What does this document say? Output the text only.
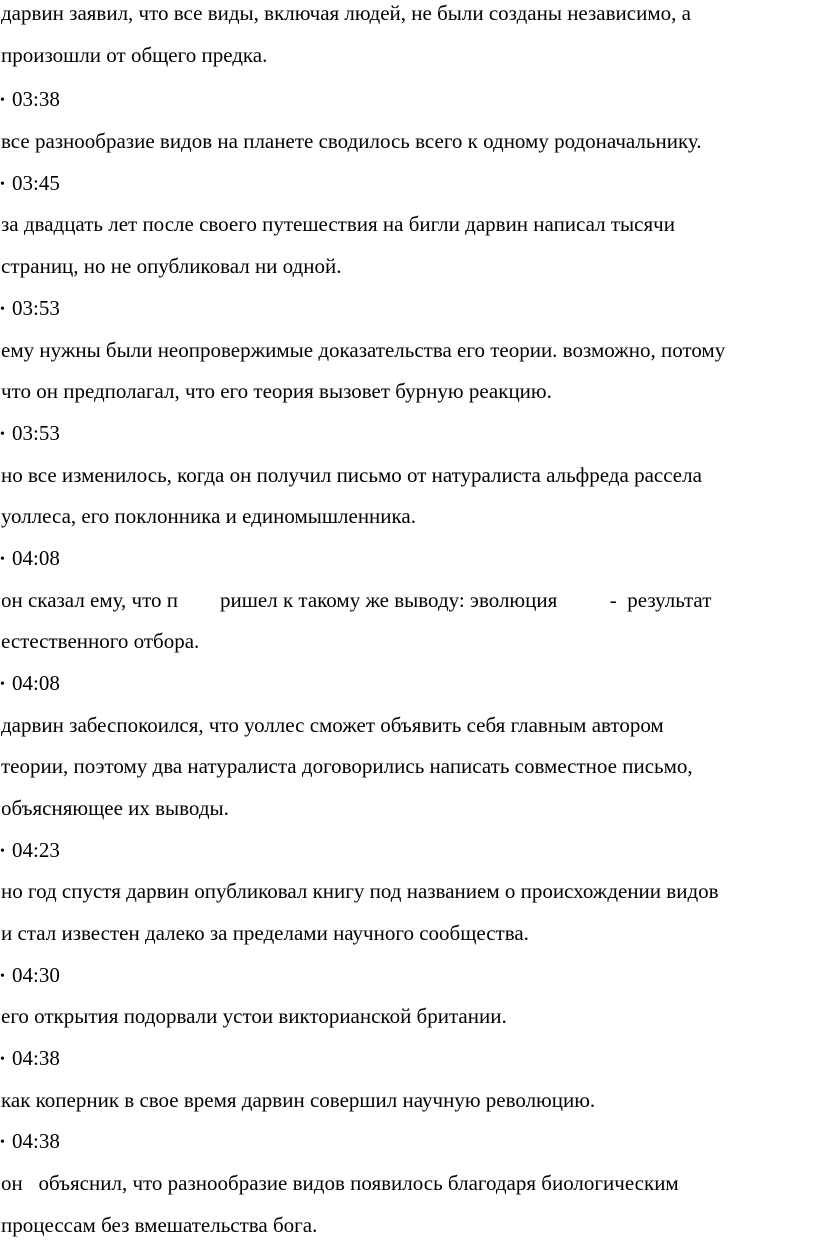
дарвин заявил, что все виды, включая людей, не были созданы независимо, а
произошли от общего предка.
• 03:38
все разнообразие видов на планете сводилось всего к одному родоначальнику.
• 03:45
за двадцать лет после своего путешествия на бигли дарвин написал тысячи
страниц, но не опубликовал ни одной.
• 03:53
ему нужны были неопровержимые доказательства его теории. возможно, потому
что он предполагал, что его теория вызовет бурную реакцию.
• 03:53
но все изменилось, когда он получил письмо от натуралиста альфреда рассела
уоллеса, его поклонника и единомышленника.
• 04:08
он сказал ему, что п        ришел к такому же выводу: эволюция          -  результат
естественного отбора.
• 04:08
дарвин забеспокоился, что уоллес сможет объявить себя главным автором
теории, поэтому два натуралиста договорились написать совместное письмо,
объясняющее их выводы.
• 04:23
но год спустя дарвин опубликовал книгу под названием о происхождении видов
и стал известен далеко за пределами научного сообщества.
• 04:30
его открытия подорвали устои викторианской британии.
• 04:38
как коперник в свое время дарвин совершил научную революцию.
• 04:38
он   объяснил, что разнообразие видов появилось благодаря биологическим
процессам без вмешательства бога.
